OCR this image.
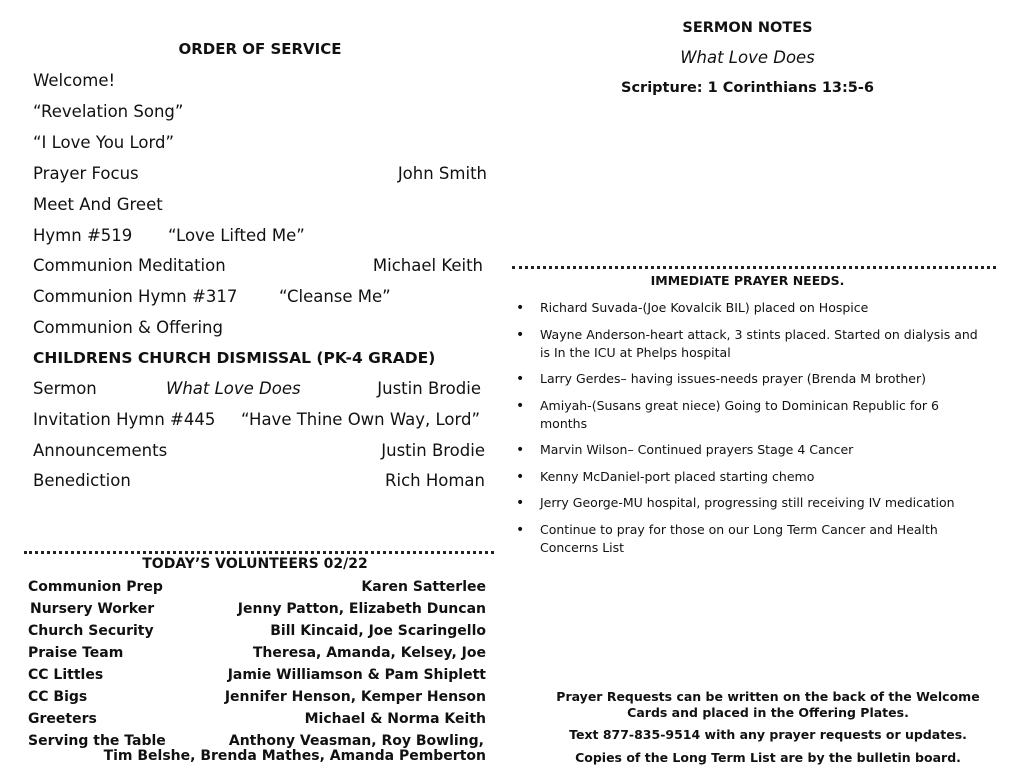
ORDER OF SERVICE
Welcome!
“Revelation Song”
“I Love You Lord”
Prayer Focus	John Smith
Meet And Greet
Hymn #519 “Love Lifted Me”
Communion Meditation	Michael Keith
Communion Hymn #317	“Cleanse Me”
Communion & Offering
CHILDRENS CHURCH DISMISSAL (PK-4 GRADE)
Sermon	What Love Does	Justin Brodie
Invitation Hymn #445 “Have Thine Own Way, Lord”
Announcements	Justin Brodie
Benediction	Rich Homan
TODAY’S VOLUNTEERS 02/22
Communion Prep	Karen Satterlee
Nursery Worker	Jenny Patton, Elizabeth Duncan
Church Security	Bill Kincaid, Joe Scaringello
Praise Team	Theresa, Amanda, Kelsey, Joe
CC Littles	Jamie Williamson & Pam Shiplett
CC Bigs	Jennifer Henson, Kemper Henson
Greeters	Michael & Norma Keith
Serving the Table	Anthony Veasman, Roy Bowling,
Tim Belshe, Brenda Mathes, Amanda Pemberton
SERMON NOTES
What Love Does
Scripture: 1 Corinthians 13:5-6
IMMEDIATE PRAYER NEEDS.
• Richard Suvada-(Joe Kovalcik BIL) placed on Hospice
• Wayne Anderson-heart attack, 3 stints placed. Started on dialysis and is In the ICU at Phelps hospital
• Larry Gerdes– having issues-needs prayer (Brenda M brother)
• Amiyah-(Susans great niece) Going to Dominican Republic for 6 months
• Marvin Wilson– Continued prayers Stage 4 Cancer
• Kenny McDaniel-port placed starting chemo
• Jerry George-MU hospital, progressing still receiving IV medication
• Continue to pray for those on our Long Term Cancer and Health Concerns List
Prayer Requests can be written on the back of the Welcome Cards and placed in the Offering Plates.
Text 877-835-9514 with any prayer requests or updates.
Copies of the Long Term List are by the bulletin board.
